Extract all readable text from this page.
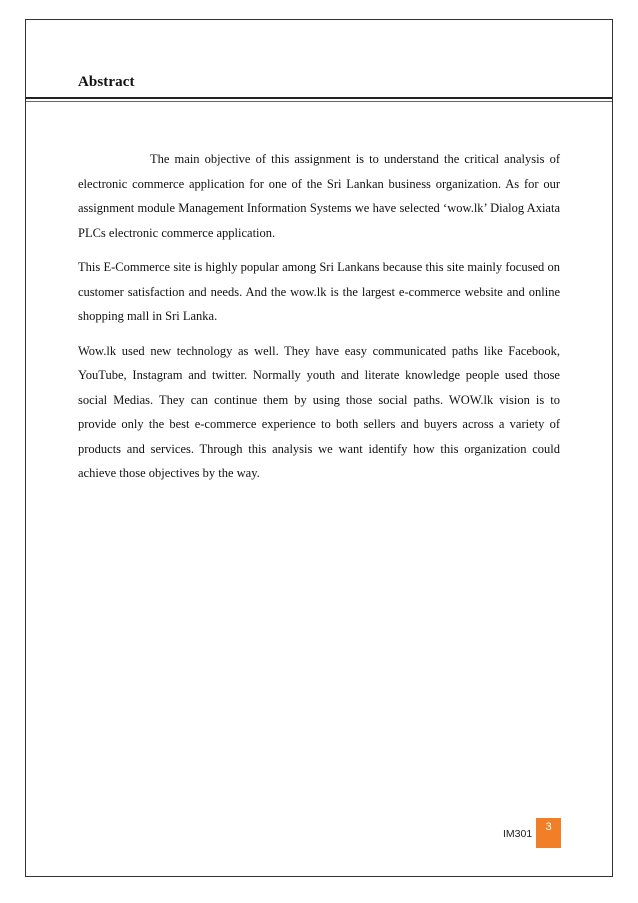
Abstract

The main objective of this assignment is to understand the critical analysis of electronic commerce application for one of the Sri Lankan business organization. As for our assignment module Management Information Systems we have selected ‘wow.lk’ Dialog Axiata PLCs electronic commerce application.

This E-Commerce site is highly popular among Sri Lankans because this site mainly focused on customer satisfaction and needs. And the wow.lk is the largest e-commerce website and online shopping mall in Sri Lanka.

Wow.lk used new technology as well. They have easy communicated paths like Facebook, YouTube, Instagram and twitter. Normally youth and literate knowledge people used those social Medias. They can continue them by using those social paths. WOW.lk vision is to provide only the best e-commerce experience to both sellers and buyers across a variety of products and services. Through this analysis we want identify how this organization could achieve those objectives by the way.

IM301
3
